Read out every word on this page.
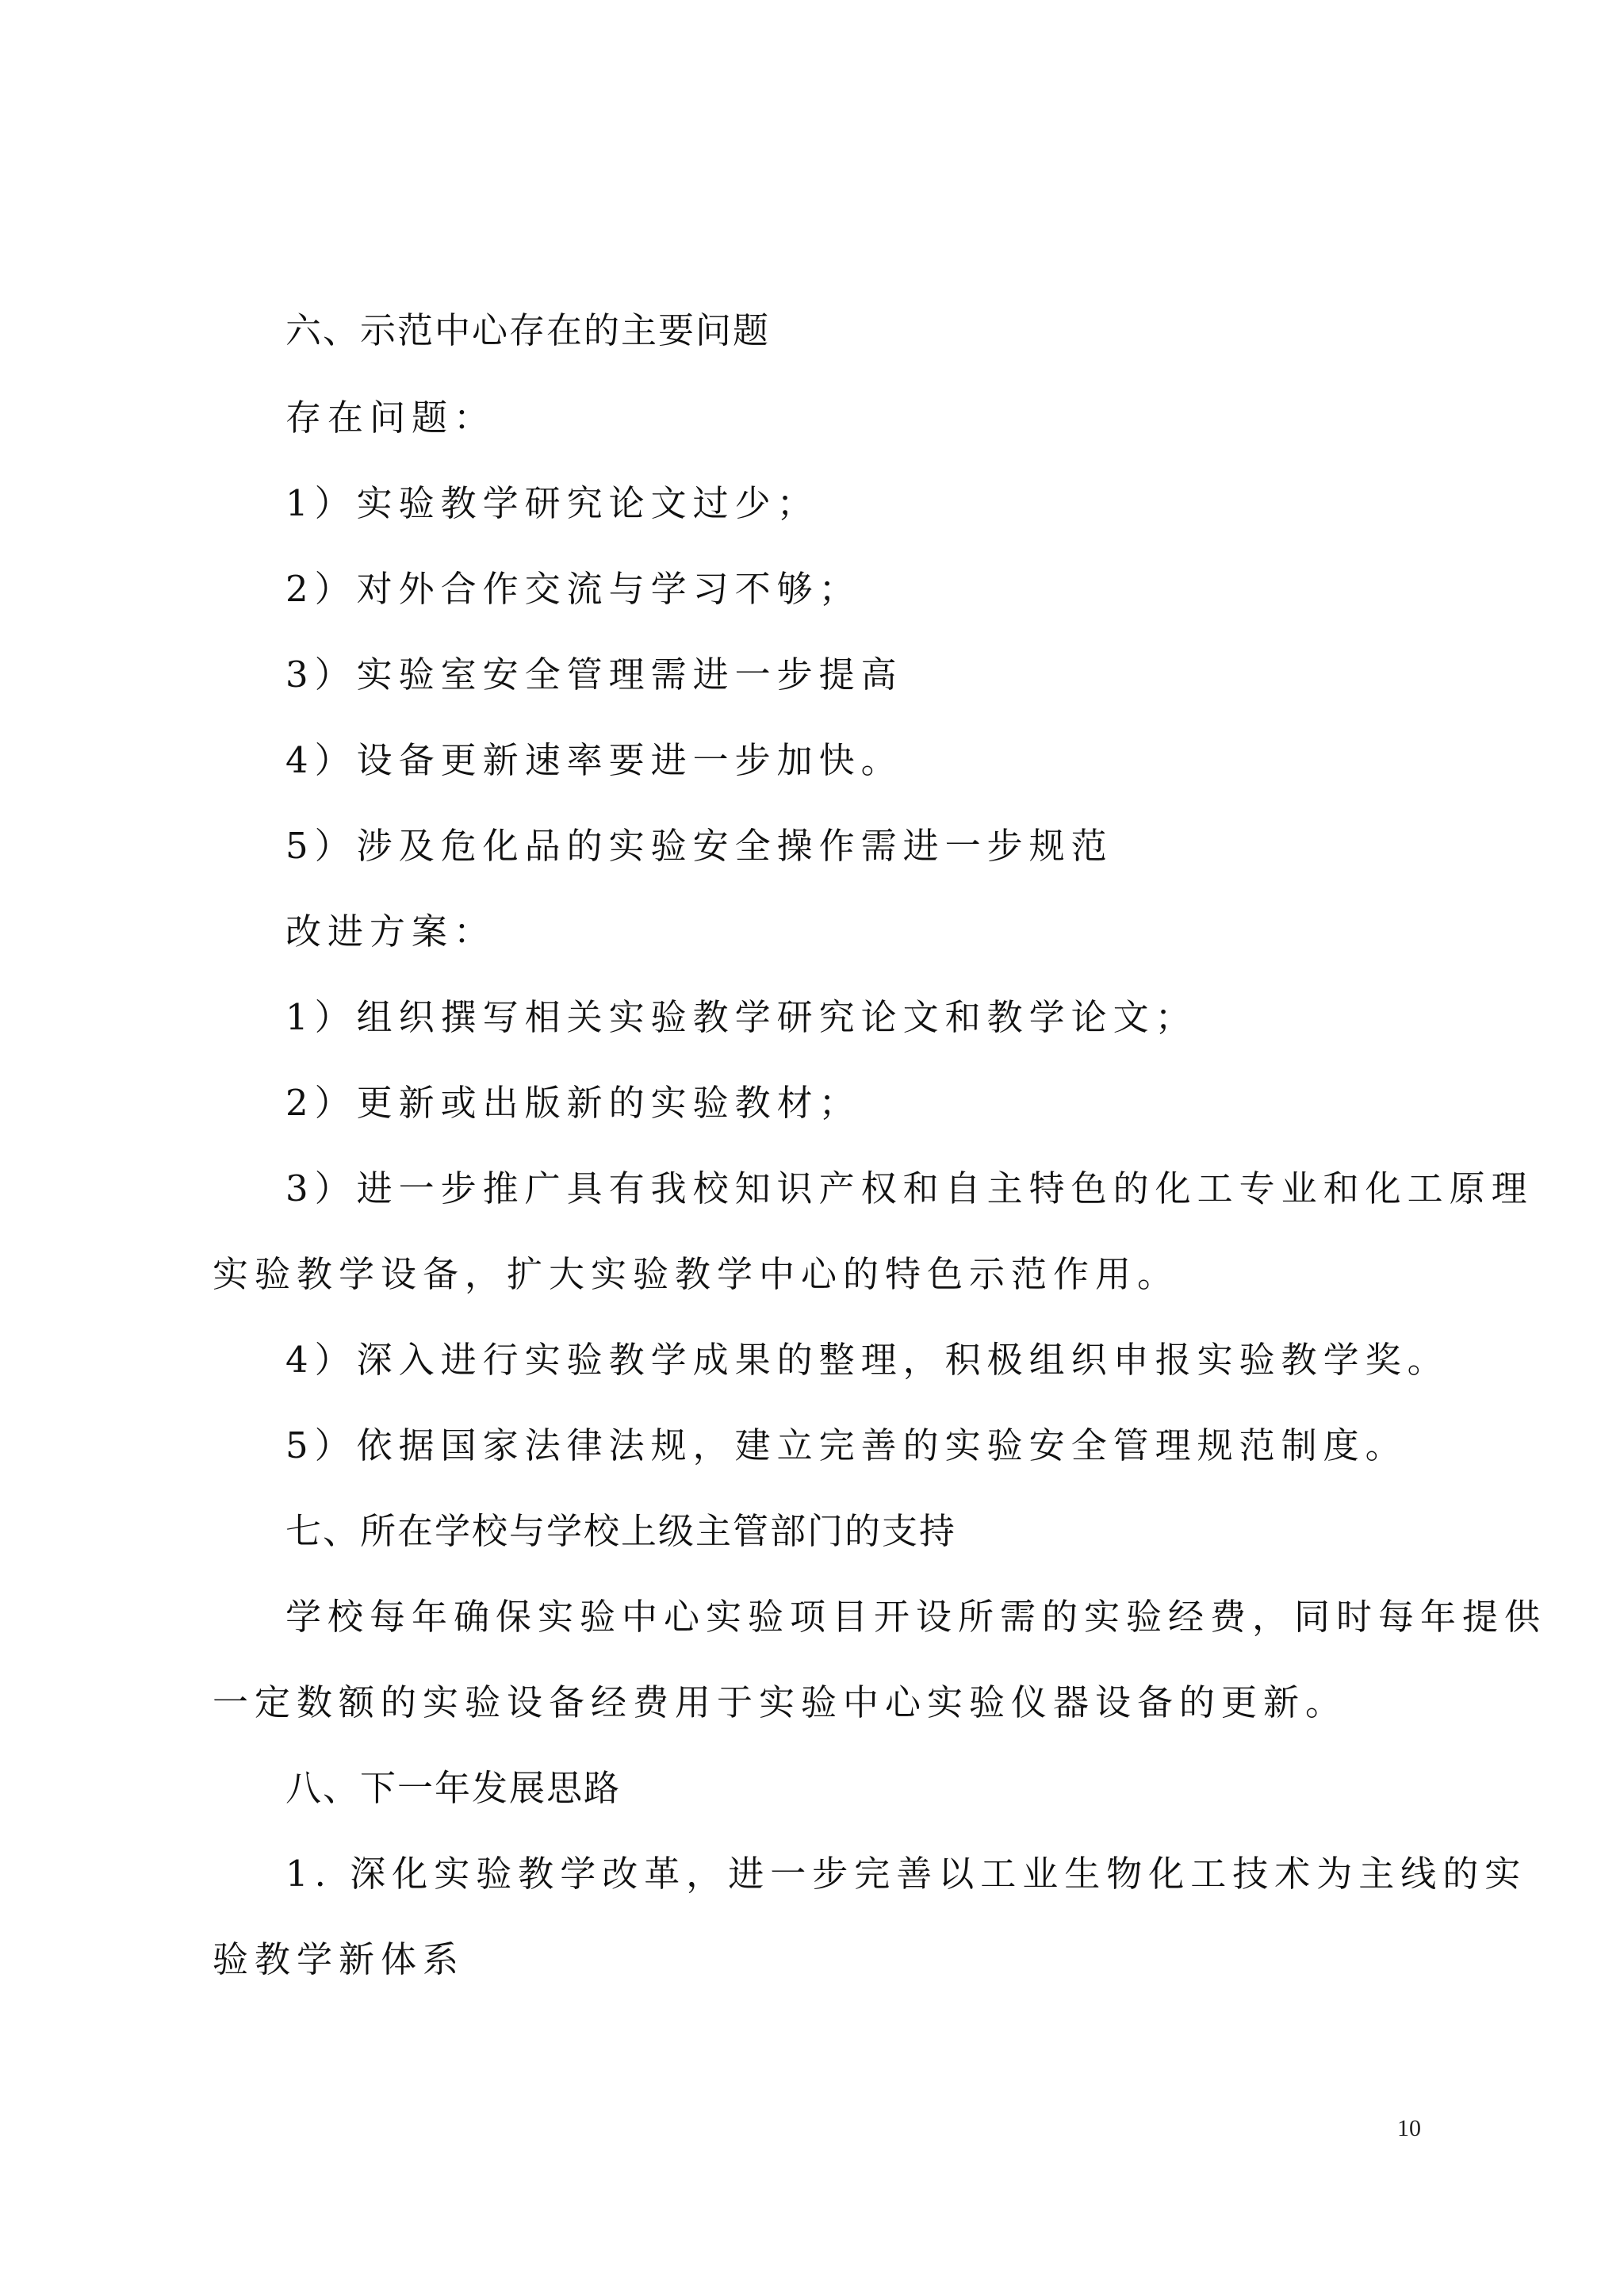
六、示范中心存在的主要问题
存在问题：
1）实验教学研究论文过少；
2）对外合作交流与学习不够；
3）实验室安全管理需进一步提高
4）设备更新速率要进一步加快。
5）涉及危化品的实验安全操作需进一步规范
改进方案：
1）组织撰写相关实验教学研究论文和教学论文；
2）更新或出版新的实验教材；
3）进一步推广具有我校知识产权和自主特色的化工专业和化工原理
实验教学设备，扩大实验教学中心的特色示范作用。
4）深入进行实验教学成果的整理，积极组织申报实验教学奖。
5）依据国家法律法规，建立完善的实验安全管理规范制度。
七、所在学校与学校上级主管部门的支持
学校每年确保实验中心实验项目开设所需的实验经费，同时每年提供
一定数额的实验设备经费用于实验中心实验仪器设备的更新。
八、下一年发展思路
1. 深化实验教学改革，进一步完善以工业生物化工技术为主线的实
验教学新体系
10
